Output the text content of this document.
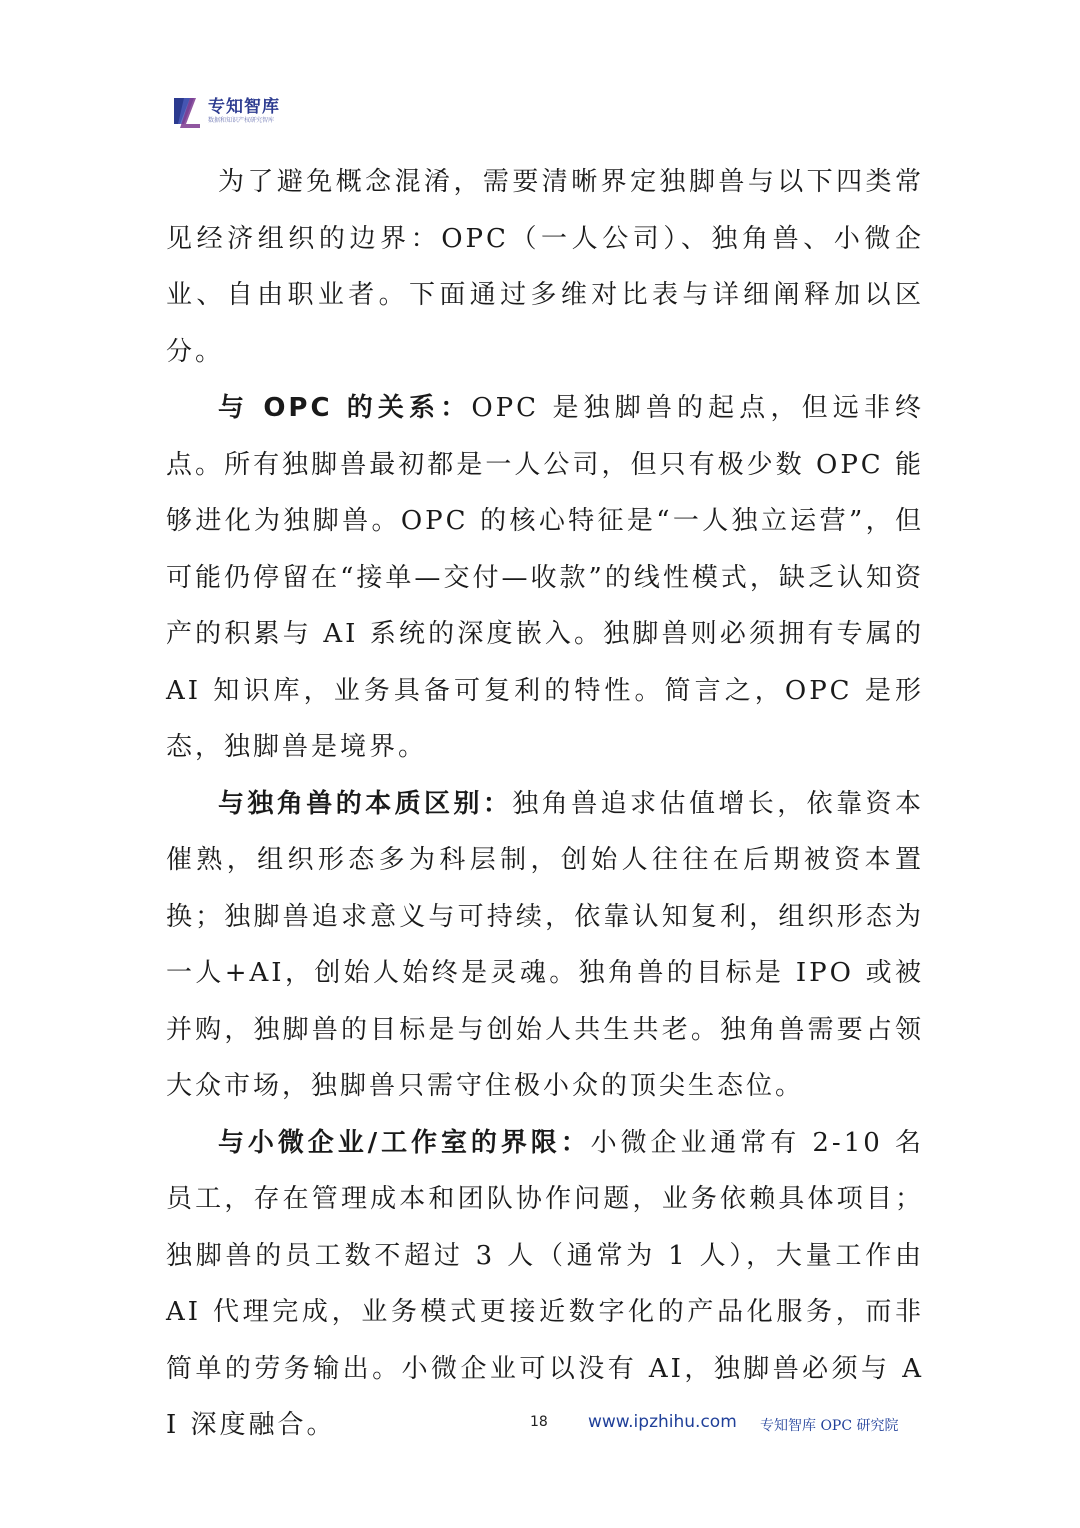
专知智库
数据和知识产权研究智库

为了避免概念混淆，需要清晰界定独脚兽与以下四类常见经济组织的边界：OPC（一人公司）、独角兽、小微企业、自由职业者。下面通过多维对比表与详细阐释加以区分。

与 OPC 的关系：OPC 是独脚兽的起点，但远非终点。所有独脚兽最初都是一人公司，但只有极少数 OPC 能够进化为独脚兽。OPC 的核心特征是“一人独立运营”，但可能仍停留在“接单—交付—收款”的线性模式，缺乏认知资产的积累与 AI 系统的深度嵌入。独脚兽则必须拥有专属的 AI 知识库，业务具备可复利的特性。简言之，OPC 是形态，独脚兽是境界。

与独角兽的本质区别：独角兽追求估值增长，依靠资本催熟，组织形态多为科层制，创始人往往在后期被资本置换；独脚兽追求意义与可持续，依靠认知复利，组织形态为一人+AI，创始人始终是灵魂。独角兽的目标是 IPO 或被并购，独脚兽的目标是与创始人共生共老。独角兽需要占领大众市场，独脚兽只需守住极小众的顶尖生态位。

与小微企业/工作室的界限：小微企业通常有 2-10 名员工，存在管理成本和团队协作问题，业务依赖具体项目；独脚兽的员工数不超过 3 人（通常为 1 人），大量工作由 AI 代理完成，业务模式更接近数字化的产品化服务，而非简单的劳务输出。小微企业可以没有 AI，独脚兽必须与 AI 深度融合。	18 www.ipzhihu.com 专知智库 OPC 研究院
